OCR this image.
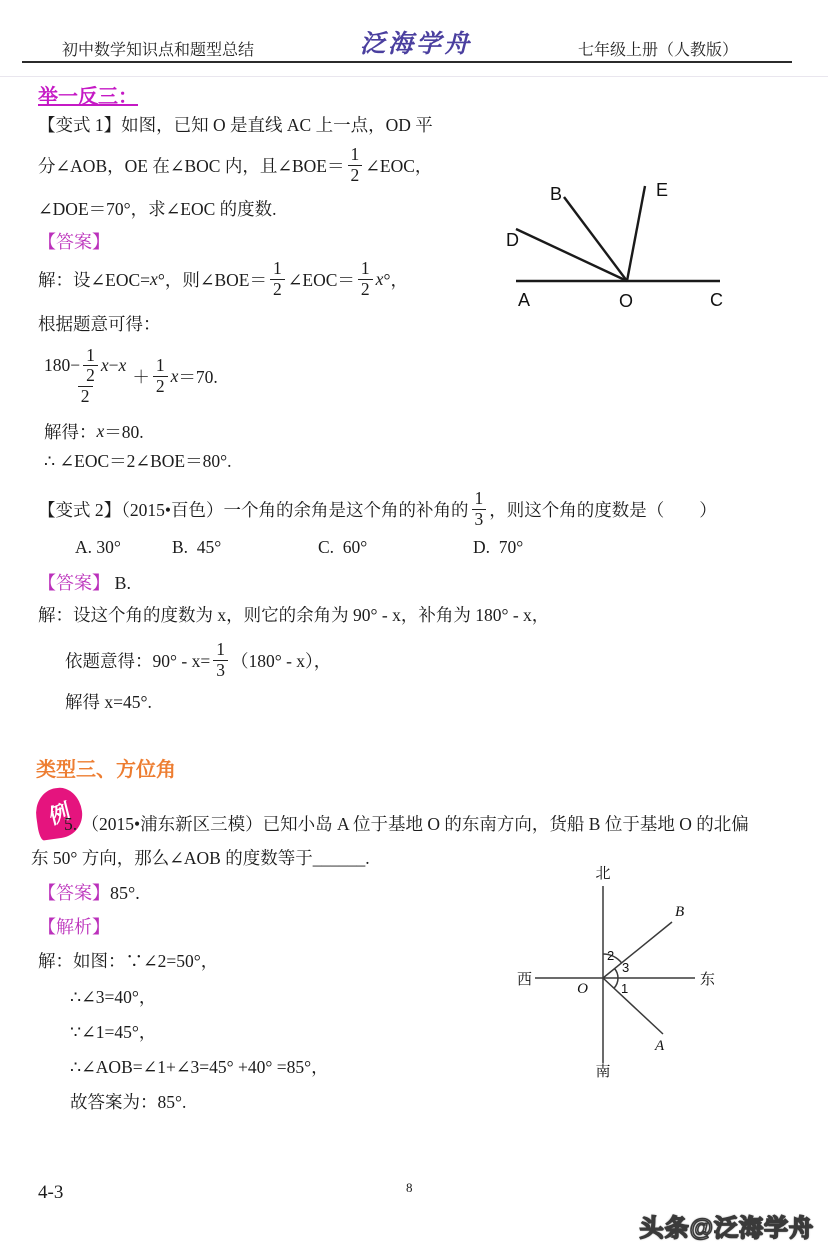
初中数学知识点和题型总结	泛海学舟	七年级上册（人教版）
举一反三：
【变式 1】如图，已知 O 是直线 AC 上一点，OD 平
分∠AOB，OE 在∠BOC 内，且∠BOE＝ $\frac{1}{2}$ ∠EOC，
∠DOE＝70°，求∠EOC 的度数.
B	E
D
A	O	C
【答案】
解：设∠EOC= x °，则∠BOE＝ $\frac{1}{2}$ ∠EOC＝ $\frac{1}{2}$ x °，
根据题意可得：
$\frac{180- \frac{1}{2} x - x}{2} + \frac{1}{2}$ x ＝70.
解得： x ＝80.
∴ ∠EOC＝2∠BOE＝80°.
【变式 2】（2015•百色）一个角的余角是这个角的补角的 $\frac{1}{3}$ ，则这个角的度数是（　　）
A. 30°	B.  45°	C.  60°	D.  70°
【答案】 B.
解：设这个角的度数为 x，则它的余角为 90° - x，补角为 180° - x，
依题意得：$90^\circ - x= \frac{1}{3} (180^\circ - x)$，
解得 x=45°.
类型三、方位角
例
5. （2015•浦东新区三模）已知小岛 A 位于基地 O 的东南方向，货船 B 位于基地 O 的北偏
东 50° 方向，那么∠AOB 的度数等于______.
【答案】85°.
【解析】
解：如图：∵∠2=50°，
∴∠3=40°，
∵∠1=45°，
∴∠AOB=∠1+∠3=45° +40° =85°，
故答案为：85°.
北
南
西	东
O
B
A
2
3
1
4-3	8
头条@泛海学舟
